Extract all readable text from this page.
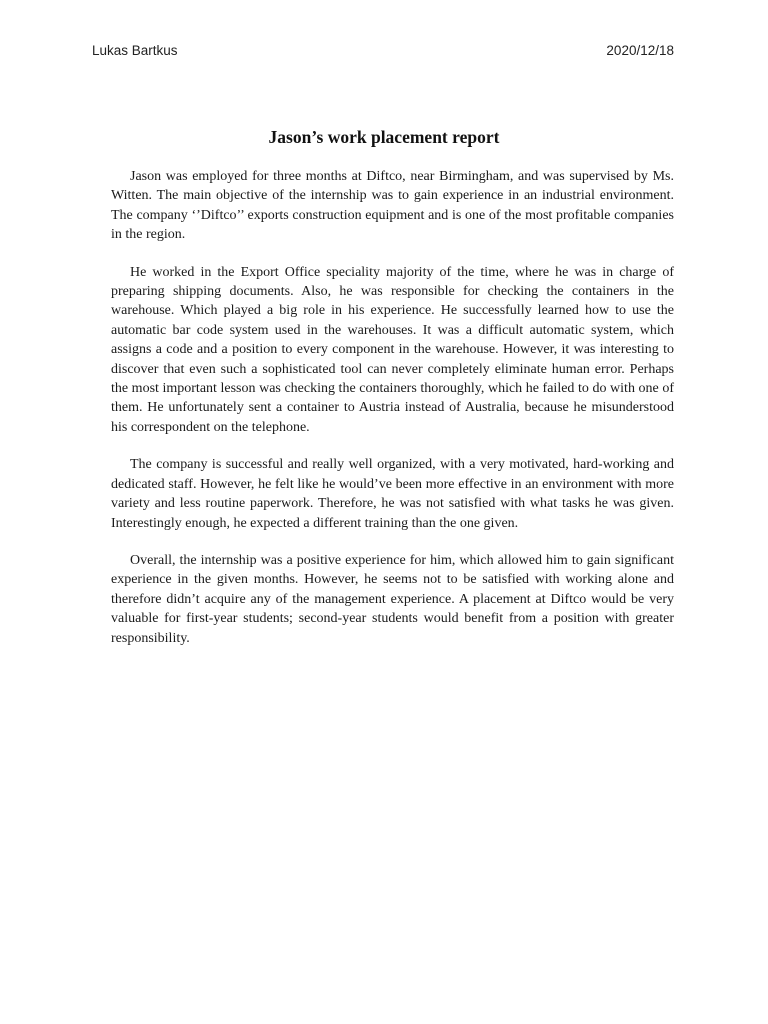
Lukas Bartkus	2020/12/18
Jason’s work placement report

Jason was employed for three months at Diftco, near Birmingham, and was supervised by Ms. Witten. The main objective of the internship was to gain experience in an industrial environment. The company ‘’Diftco’’ exports construction equipment and is one of the most profitable companies in the region.

He worked in the Export Office speciality majority of the time, where he was in charge of preparing shipping documents. Also, he was responsible for checking the containers in the warehouse. Which played a big role in his experience. He successfully learned how to use the automatic bar code system used in the warehouses. It was a difficult automatic system, which assigns a code and a position to every component in the warehouse. However, it was interesting to discover that even such a sophisticated tool can never completely eliminate human error. Perhaps the most important lesson was checking the containers thoroughly, which he failed to do with one of them. He unfortunately sent a container to Austria instead of Australia, because he misunderstood his correspondent on the telephone.

The company is successful and really well organized, with a very motivated, hard-working and dedicated staff. However, he felt like he would’ve been more effective in an environment with more variety and less routine paperwork. Therefore, he was not satisfied with what tasks he was given. Interestingly enough, he expected a different training than the one given.

Overall, the internship was a positive experience for him, which allowed him to gain significant experience in the given months. However, he seems not to be satisfied with working alone and therefore didn’t acquire any of the management experience. A placement at Diftco would be very valuable for first-year students; second-year students would benefit from a position with greater responsibility.
